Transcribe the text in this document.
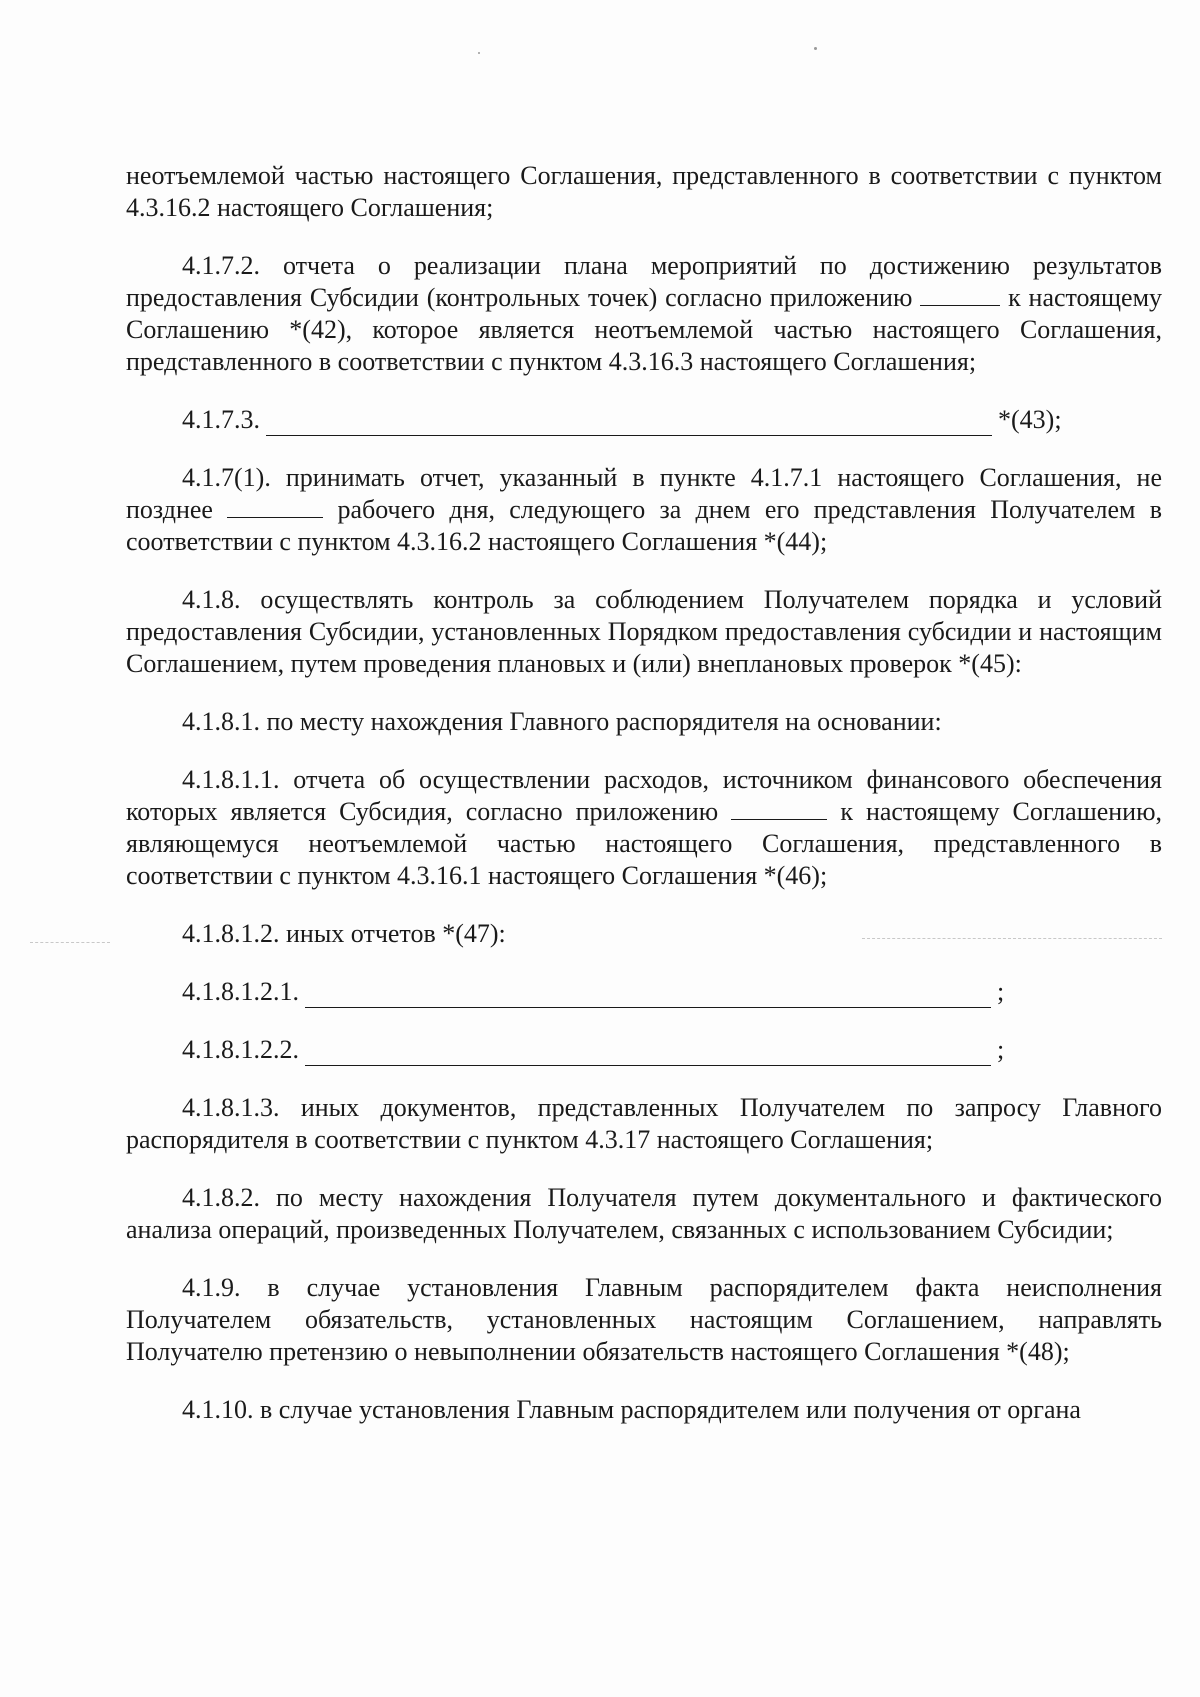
неотъемлемой частью настоящего Соглашения, представленного в соответствии с пунктом 4.3.16.2 настоящего Соглашения;

4.1.7.2. отчета о реализации плана мероприятий по достижению результатов предоставления Субсидии (контрольных точек) согласно приложению	к настоящему Соглашению *(42), которое является неотъемлемой частью настоящего Соглашения, представленного в соответствии с пунктом 4.3.16.3 настоящего Соглашения;

4.1.7.3.	*(43);

4.1.7(1). принимать отчет, указанный в пункте 4.1.7.1 настоящего Соглашения, не позднее	рабочего дня, следующего за днем его представления Получателем в соответствии с пунктом 4.3.16.2 настоящего Соглашения *(44);

4.1.8. осуществлять контроль за соблюдением Получателем порядка и условий предоставления Субсидии, установленных Порядком предоставления субсидии и настоящим Соглашением, путем проведения плановых и (или) внеплановых проверок *(45):

4.1.8.1. по месту нахождения Главного распорядителя на основании:

4.1.8.1.1. отчета об осуществлении расходов, источником финансового обеспечения которых является Субсидия, согласно приложению	к настоящему Соглашению, являющемуся неотъемлемой частью настоящего Соглашения, представленного в соответствии с пунктом 4.3.16.1 настоящего Соглашения *(46);

4.1.8.1.2. иных отчетов *(47):

4.1.8.1.2.1.	;
4.1.8.1.2.2.	;

4.1.8.1.3. иных документов, представленных Получателем по запросу Главного распорядителя в соответствии с пунктом 4.3.17 настоящего Соглашения;

4.1.8.2. по месту нахождения Получателя путем документального и фактического анализа операций, произведенных Получателем, связанных с использованием Субсидии;

4.1.9. в случае установления Главным распорядителем факта неисполнения Получателем обязательств, установленных настоящим Соглашением, направлять Получателю претензию о невыполнении обязательств настоящего Соглашения *(48);

4.1.10. в случае установления Главным распорядителем или получения от органа
